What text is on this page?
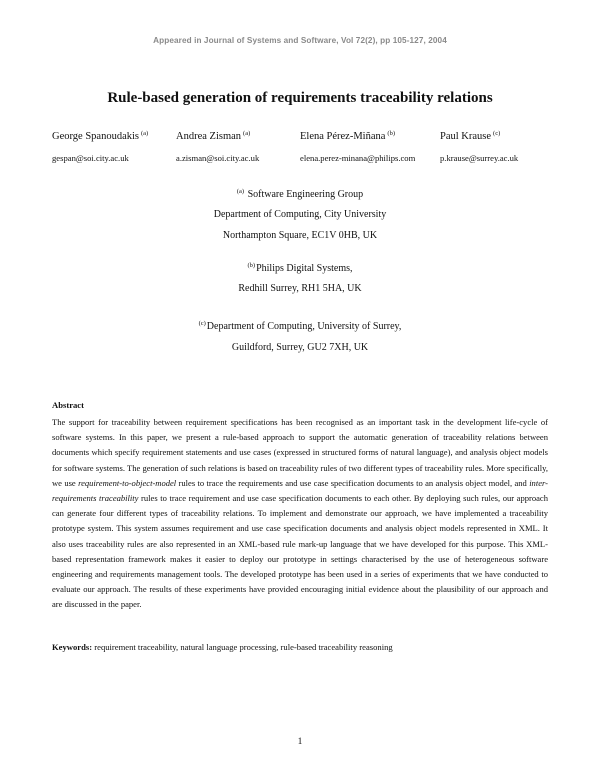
Appeared in Journal of Systems and Software, Vol 72(2), pp 105-127, 2004
Rule-based generation of requirements traceability relations
George Spanoudakis $^{(a)}$	Andrea Zisman $^{(a)}$	Elena Pérez-Miñana $^{(b)}$	Paul Krause $^{(c)}$
gespan@soi.city.ac.uk	a.zisman@soi.city.ac.uk	elena.perez-minana@philips.com	p.krause@surrey.ac.uk
$^{(a)}$ Software Engineering Group
Department of Computing, City University
Northampton Square, EC1V 0HB, UK
$^{(b)}$Philips Digital Systems,
Redhill Surrey, RH1 5HA, UK
$^{(c)}$Department of Computing, University of Surrey,
Guildford, Surrey, GU2 7XH, UK
Abstract
The support for traceability between requirement specifications has been recognised as an important task in the development life-cycle of software systems. In this paper, we present a rule-based approach to support the automatic generation of traceability relations between documents which specify requirement statements and use cases (expressed in structured forms of natural language), and analysis object models for software systems. The generation of such relations is based on traceability rules of two different types of traceability rules. More specifically, we use requirement-to-object-model rules to trace the requirements and use case specification documents to an analysis object model, and inter-requirements traceability rules to trace requirement and use case specification documents to each other. By deploying such rules, our approach can generate four different types of traceability relations. To implement and demonstrate our approach, we have implemented a traceability prototype system. This system assumes requirement and use case specification documents and analysis object models represented in XML. It also uses traceability rules are also represented in an XML-based rule mark-up language that we have developed for this purpose. This XML-based representation framework makes it easier to deploy our prototype in settings characterised by the use of heterogeneous software engineering and requirements management tools. The developed prototype has been used in a series of experiments that we have conducted to evaluate our approach. The results of these experiments have provided encouraging initial evidence about the plausibility of our approach and are discussed in the paper.
Keywords: requirement traceability, natural language processing, rule-based traceability reasoning
1
